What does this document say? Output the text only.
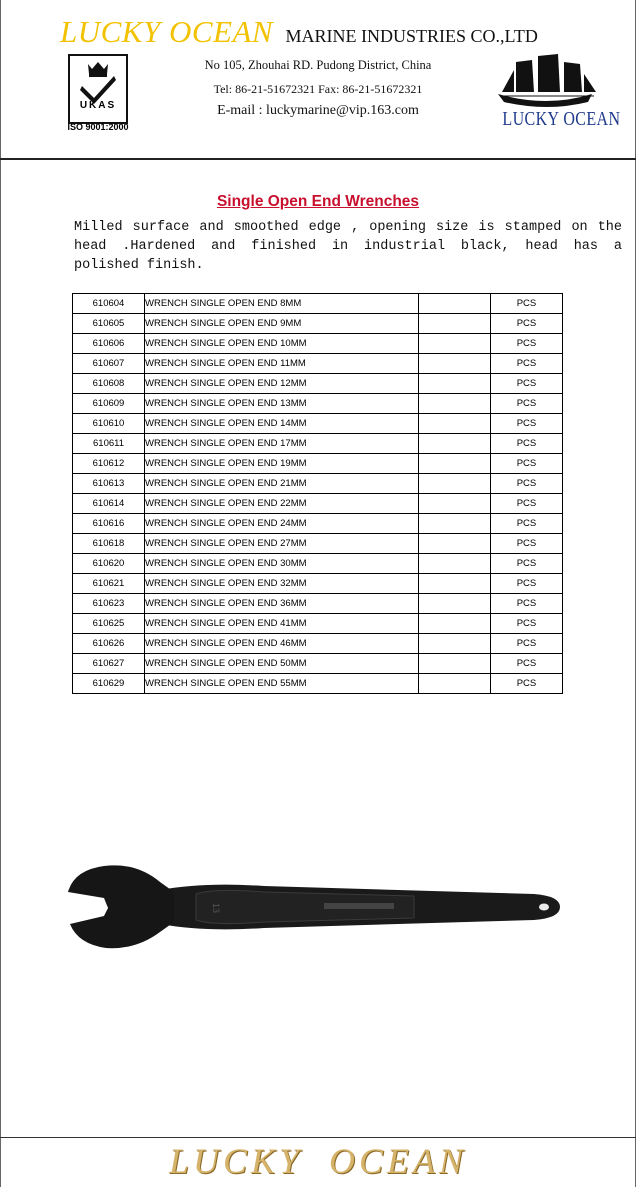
LUCKY OCEAN MARINE INDUSTRIES CO.,LTD
UKAS
ISO 9001:2000
No 105, Zhouhai RD. Pudong District, China
Tel: 86-21-51672321 Fax: 86-21-51672321
E-mail : luckymarine@vip.163.com	LUCKY OCEAN
Single Open End Wrenches
Milled surface and smoothed edge , opening size is stamped on the head .Hardened and finished in industrial black, head has a polished finish.
610604	WRENCH SINGLE OPEN END 8MM		PCS
610605	WRENCH SINGLE OPEN END 9MM		PCS
610606	WRENCH SINGLE OPEN END 10MM		PCS
610607	WRENCH SINGLE OPEN END 11MM		PCS
610608	WRENCH SINGLE OPEN END 12MM		PCS
610609	WRENCH SINGLE OPEN END 13MM		PCS
610610	WRENCH SINGLE OPEN END 14MM		PCS
610611	WRENCH SINGLE OPEN END 17MM		PCS
610612	WRENCH SINGLE OPEN END 19MM		PCS
610613	WRENCH SINGLE OPEN END 21MM		PCS
610614	WRENCH SINGLE OPEN END 22MM		PCS
610616	WRENCH SINGLE OPEN END 24MM		PCS
610618	WRENCH SINGLE OPEN END 27MM		PCS
610620	WRENCH SINGLE OPEN END 30MM		PCS
610621	WRENCH SINGLE OPEN END 32MM		PCS
610623	WRENCH SINGLE OPEN END 36MM		PCS
610625	WRENCH SINGLE OPEN END 41MM		PCS
610626	WRENCH SINGLE OPEN END 46MM		PCS
610627	WRENCH SINGLE OPEN END 50MM		PCS
610629	WRENCH SINGLE OPEN END 55MM		PCS
13
LUCKY OCEAN
